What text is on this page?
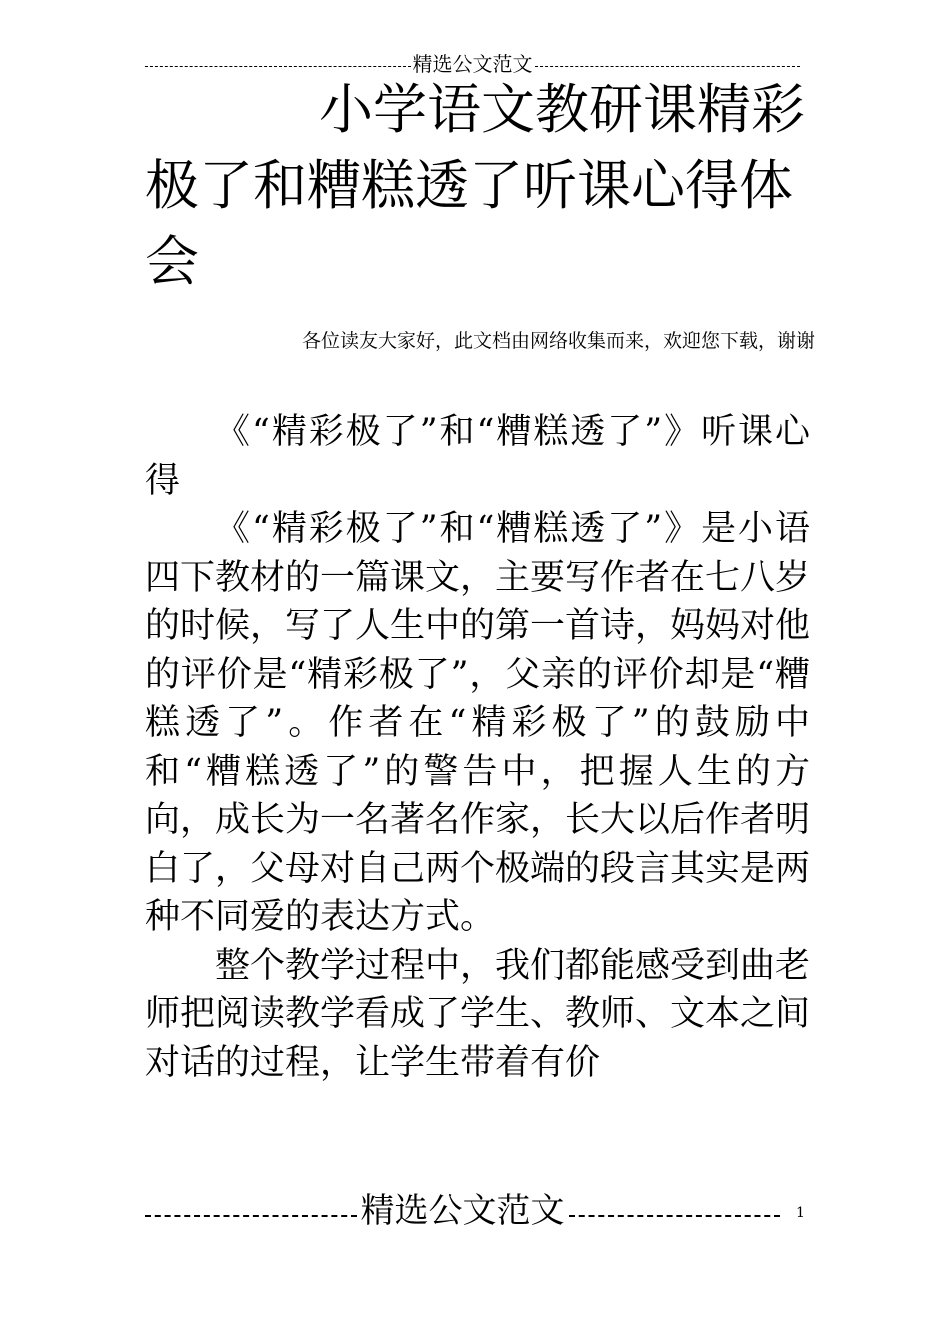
精选公文范文
小学语文教研课精彩极了和糟糕透了听课心得体会
各位读友大家好，此文档由网络收集而来，欢迎您下载，谢谢

《“精彩极了”和“糟糕透了”》听课心得

《“精彩极了”和“糟糕透了”》是小语四下教材的一篇课文，主要写作者在七八岁的时候，写了人生中的第一首诗，妈妈对他的评价是“精彩极了”，父亲的评价却是“糟糕透了”。作者在“精彩极了”的鼓励中和“糟糕透了”的警告中，把握人生的方向，成长为一名著名作家，长大以后作者明白了，父母对自己两个极端的段言其实是两种不同爱的表达方式。

整个教学过程中，我们都能感受到曲老师把阅读教学看成了学生、教师、文本之间对话的过程，让学生带着有价

精选公文范文	1
